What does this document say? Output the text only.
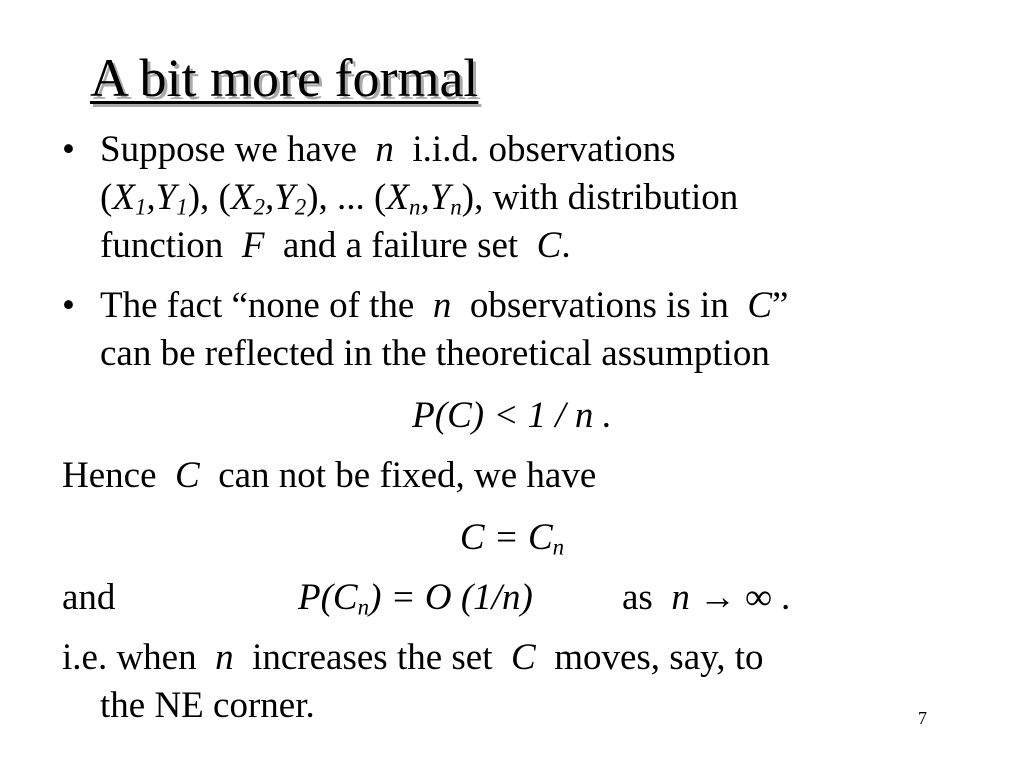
A bit more formal
• Suppose we have n i.i.d. observations
$(X_1,Y_1)$, $(X_2,Y_2)$, ... $(X_n,Y_n)$, with distribution
function F and a failure set C.
• The fact “none of the n observations is in C”
can be reflected in the theoretical assumption
P(C) < 1 / n .
Hence C can not be fixed, we have
$C = C_n$
and	$P(C_n) = O$ (1/n) as n → ∞ .
i.e. when n increases the set C moves, say, to
the NE corner.	7
